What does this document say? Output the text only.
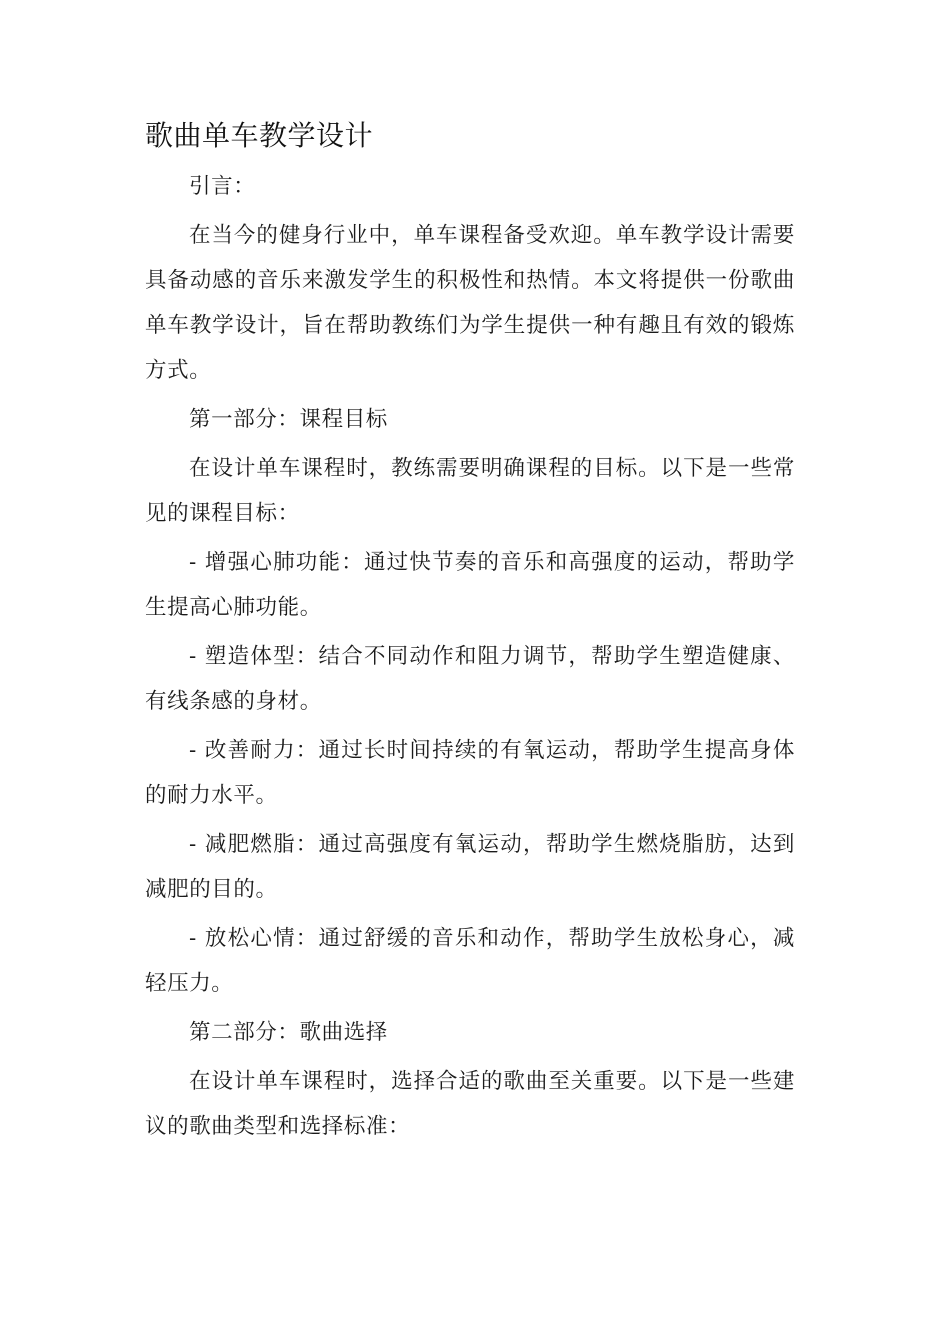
歌曲单车教学设计

引言：

在当今的健身行业中，单车课程备受欢迎。单车教学设计需要具备动感的音乐来激发学生的积极性和热情。本文将提供一份歌曲单车教学设计，旨在帮助教练们为学生提供一种有趣且有效的锻炼方式。

第一部分：课程目标

在设计单车课程时，教练需要明确课程的目标。以下是一些常见的课程目标：

- 增强心肺功能：通过快节奏的音乐和高强度的运动，帮助学生提高心肺功能。

- 塑造体型：结合不同动作和阻力调节，帮助学生塑造健康、有线条感的身材。

- 改善耐力：通过长时间持续的有氧运动，帮助学生提高身体的耐力水平。

- 减肥燃脂：通过高强度有氧运动，帮助学生燃烧脂肪，达到减肥的目的。

- 放松心情：通过舒缓的音乐和动作，帮助学生放松身心，减轻压力。

第二部分：歌曲选择

在设计单车课程时，选择合适的歌曲至关重要。以下是一些建议的歌曲类型和选择标准：
